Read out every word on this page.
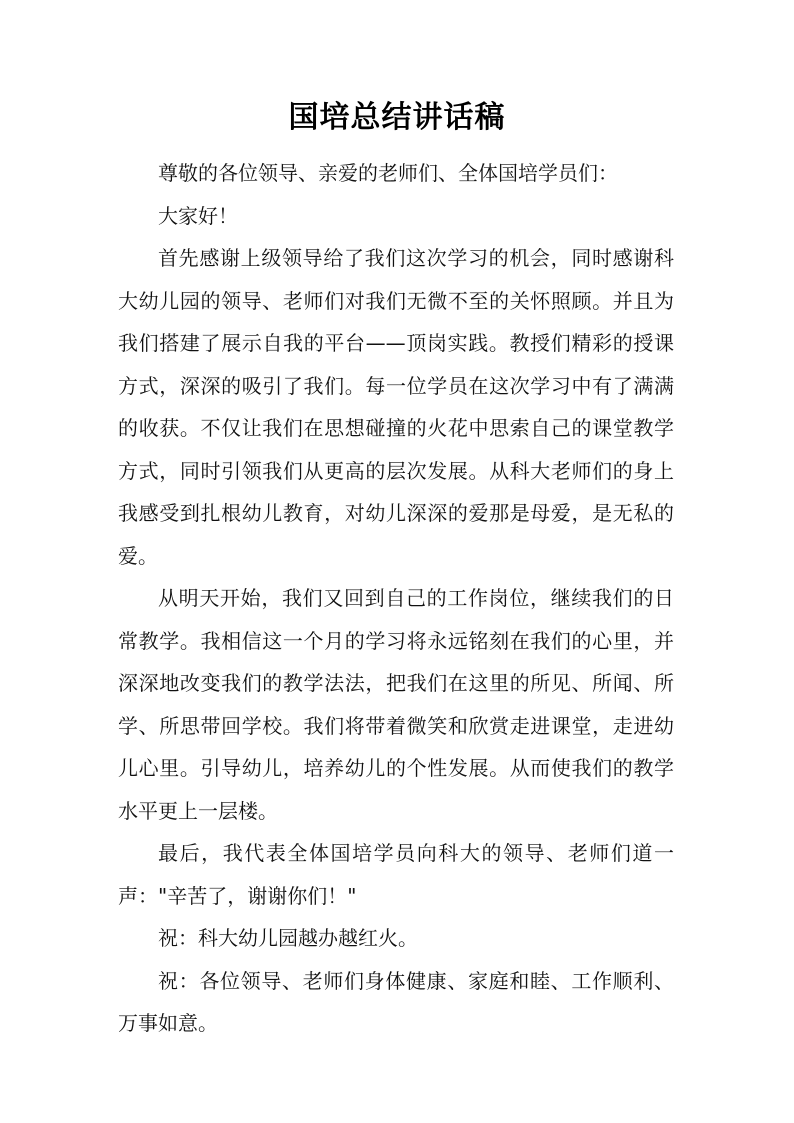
国培总结讲话稿

尊敬的各位领导、亲爱的老师们、全体国培学员们：

大家好！

首先感谢上级领导给了我们这次学习的机会，同时感谢科大幼儿园的领导、老师们对我们无微不至的关怀照顾。并且为我们搭建了展示自我的平台——顶岗实践。教授们精彩的授课方式，深深的吸引了我们。每一位学员在这次学习中有了满满的收获。不仅让我们在思想碰撞的火花中思索自己的课堂教学方式，同时引领我们从更高的层次发展。从科大老师们的身上我感受到扎根幼儿教育，对幼儿深深的爱那是母爱，是无私的爱。

从明天开始，我们又回到自己的工作岗位，继续我们的日常教学。我相信这一个月的学习将永远铭刻在我们的心里，并深深地改变我们的教学法法，把我们在这里的所见、所闻、所学、所思带回学校。我们将带着微笑和欣赏走进课堂，走进幼儿心里。引导幼儿，培养幼儿的个性发展。从而使我们的教学水平更上一层楼。

最后，我代表全体国培学员向科大的领导、老师们道一声："辛苦了，谢谢你们！"

祝：科大幼儿园越办越红火。

祝：各位领导、老师们身体健康、家庭和睦、工作顺利、万事如意。
